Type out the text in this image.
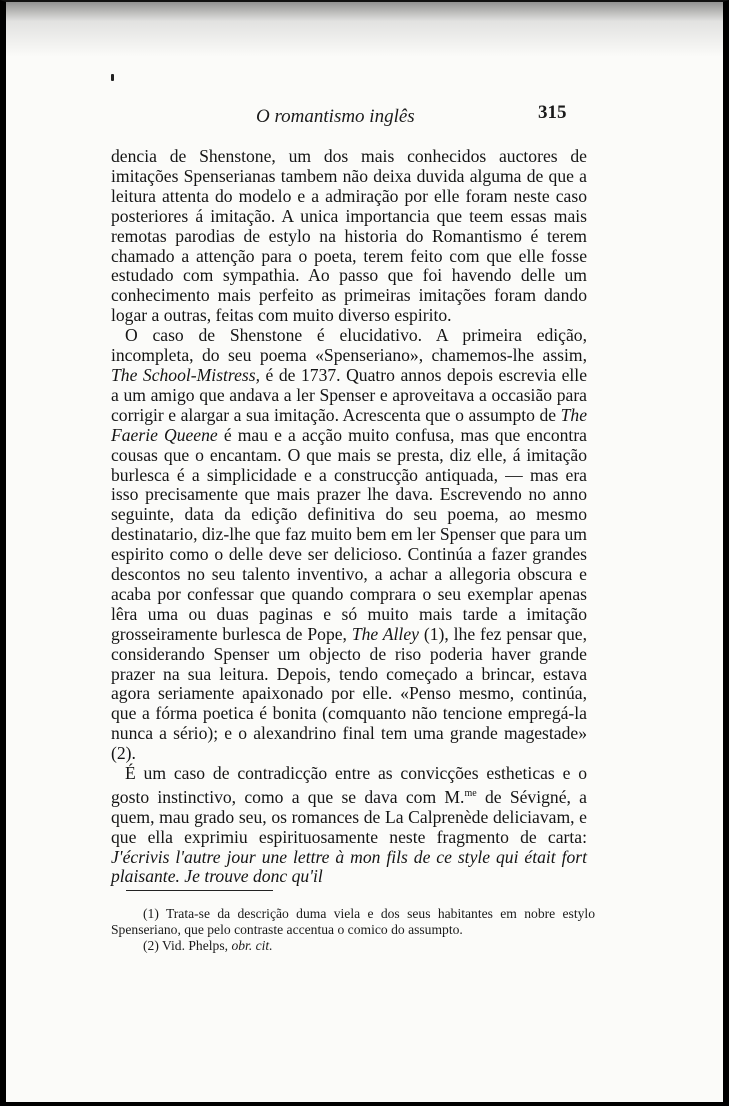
O romantismo inglês	315

dencia de Shenstone, um dos mais conhecidos auctores de imitações Spenserianas tambem não deixa duvida alguma de que a leitura attenta do modelo e a admiração por elle foram neste caso posteriores á imitação. A unica importancia que teem essas mais remotas parodias de estylo na historia do Romantismo é terem chamado a attenção para o poeta, terem feito com que elle fosse estudado com sympathia. Ao passo que foi havendo delle um conhecimento mais perfeito as primeiras imitações foram dando logar a outras, feitas com muito diverso espirito.

O caso de Shenstone é elucidativo. A primeira edição, incompleta, do seu poema «Spenseriano», chamemos-lhe assim, The School-Mistress, é de 1737. Quatro annos depois escrevia elle a um amigo que andava a ler Spenser e aproveitava a occasião para corrigir e alargar a sua imitação. Acrescenta que o assumpto de The Faerie Queene é mau e a acção muito confusa, mas que encontra cousas que o encantam. O que mais se presta, diz elle, á imitação burlesca é a simplicidade e a construcção antiquada, — mas era isso precisamente que mais prazer lhe dava. Escrevendo no anno seguinte, data da edição definitiva do seu poema, ao mesmo destinatario, diz-lhe que faz muito bem em ler Spenser que para um espirito como o delle deve ser delicioso. Continúa a fazer grandes descontos no seu talento inventivo, a achar a allegoria obscura e acaba por confessar que quando comprara o seu exemplar apenas lêra uma ou duas paginas e só muito mais tarde a imitação grosseiramente burlesca de Pope, The Alley (1), lhe fez pensar que, considerando Spenser um objecto de riso poderia haver grande prazer na sua leitura. Depois, tendo começado a brincar, estava agora seriamente apaixonado por elle. «Penso mesmo, continúa, que a fórma poetica é bonita (comquanto não tencione empregá-la nunca a sério); e o alexandrino final tem uma grande magestade» (2).

É um caso de contradicção entre as convicções estheticas e o gosto instinctivo, como a que se dava com M.$^{me}$ de Sévigné, a quem, mau grado seu, os romances de La Calprenède deliciavam, e que ella exprimiu espirituosamente neste fragmento de carta: J'écrivis l'autre jour une lettre à mon fils de ce style qui était fort plaisante. Je trouve donc qu'il

(1) Trata-se da descrição duma viela e dos seus habitantes em nobre estylo Spenseriano, que pelo contraste accentua o comico do assumpto.

(2) Vid. Phelps, obr. cit.
